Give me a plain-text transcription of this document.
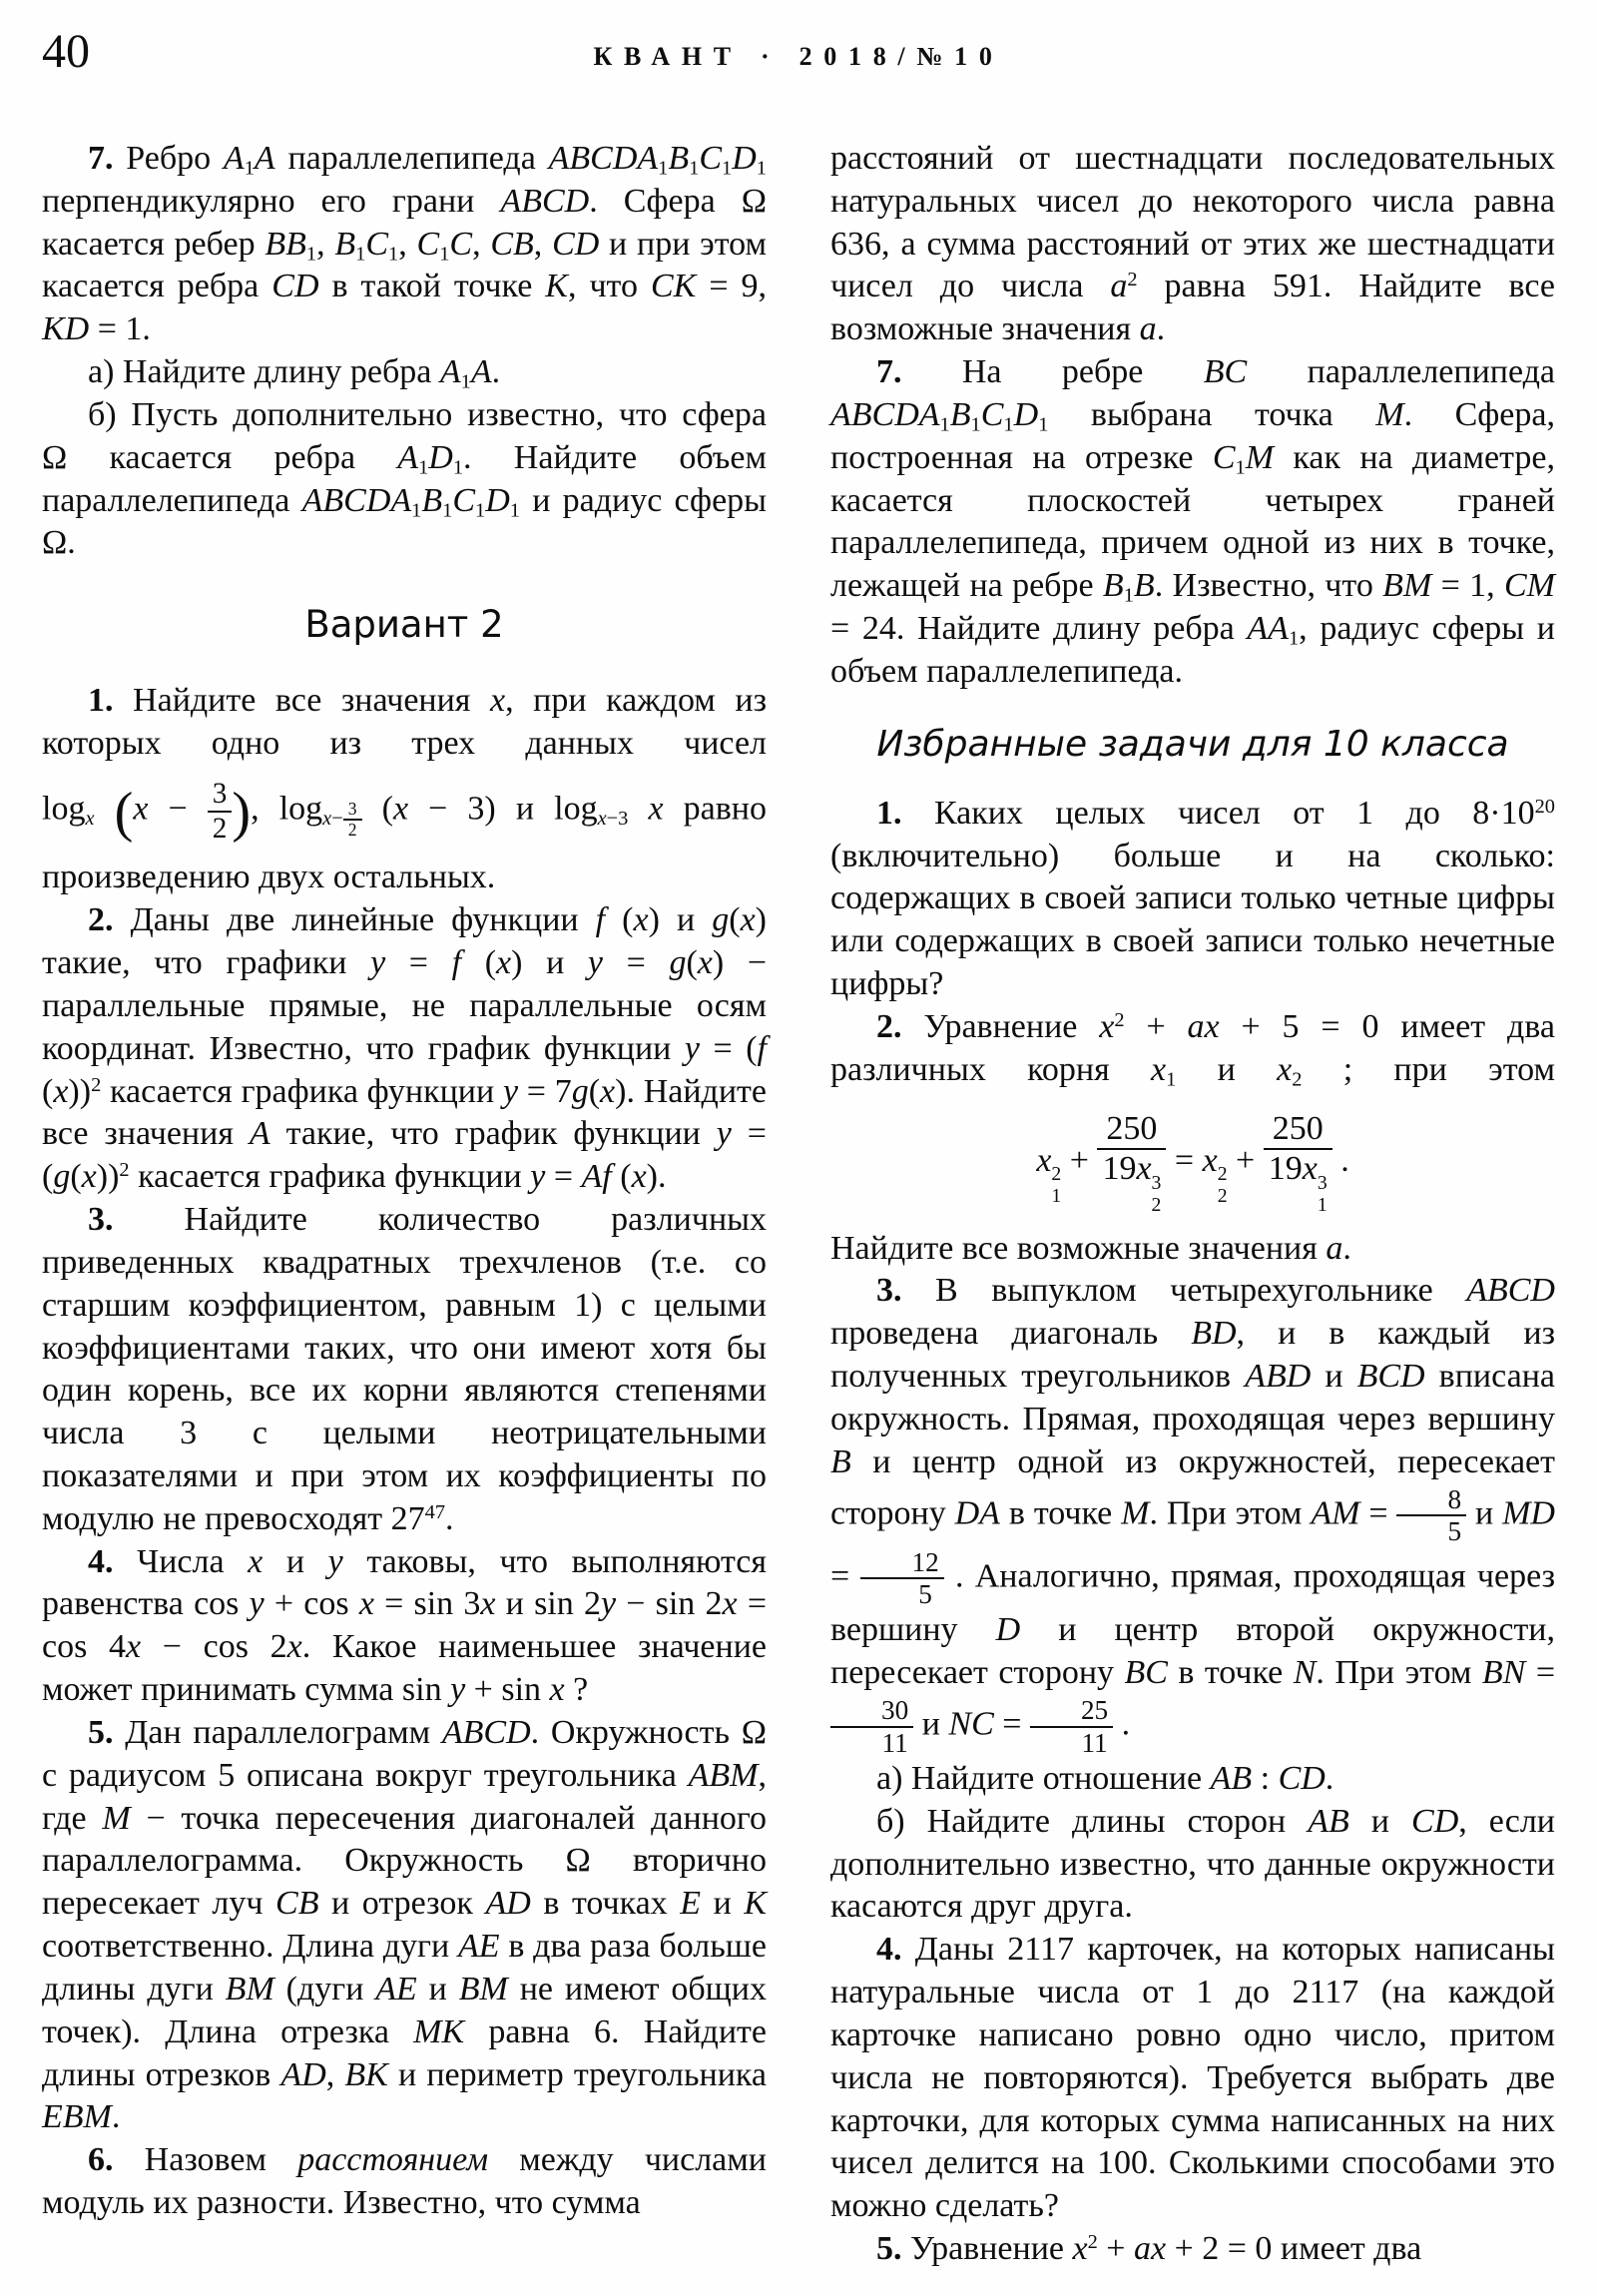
40	КВАНТ · 2018/№10

7. Ребро $A_1A$ параллелепипеда $ABCDA_1B_1C_1D_1$ перпендикулярно его грани ABCD. Сфера Ω касается ребер $BB_1$, $B_1C_1$, $C_1C$, CB, CD и при этом касается ребра CD в такой точке K, что CK = 9, KD = 1.

а) Найдите длину ребра $A_1A$.

б) Пусть дополнительно известно, что сфера Ω касается ребра $A_1D_1$. Найдите объем параллелепипеда $ABCDA_1B_1C_1D_1$ и радиус сферы Ω.

Вариант 2

1. Найдите все значения x, при каждом из которых одно из трех данных чисел

$\log_x (x - \frac{3}{2}$ ), $\log_{x- \frac{3}{2}} (x - 3)$ и $\log_{x-3} x$ равно

произведению двух остальных.

2. Даны две линейные функции f (x) и g(x) такие, что графики y = f (x) и y = g(x) − параллельные прямые, не параллельные осям координат. Известно, что график функции y = (f (x))$^2$ касается графика функции y = 7g(x). Найдите все значения A такие, что график функции $y = (g(x))^2$ касается графика функции y = Af (x).

3. Найдите количество различных приведенных квадратных трехчленов (т.е. со старшим коэффициентом, равным 1) с целыми коэффициентами таких, что они имеют хотя бы один корень, все их корни являются степенями числа 3 с целыми неотрицательными показателями и при этом их коэффициенты по модулю не превосходят $27^{47}$.

4. Числа x и y таковы, что выполняются равенства cos y + cos x = sin 3x и sin 2y − sin 2x = cos 4x − cos 2x. Какое наименьшее значение может принимать сумма sin y + sin x ?

5. Дан параллелограмм ABCD. Окружность Ω с радиусом 5 описана вокруг треугольника ABM, где M − точка пересечения диагоналей данного параллелограмма. Окружность Ω вторично пересекает луч CB и отрезок AD в точках E и K соответственно. Длина дуги AE в два раза больше длины дуги BM (дуги AE и BM не имеют общих точек). Длина отрезка MK равна 6. Найдите длины отрезков AD, BK и периметр треугольника EBM.

6. Назовем расстоянием между числами модуль их разности. Известно, что сумма

расстояний от шестнадцати последовательных натуральных чисел до некоторого числа равна 636, а сумма расстояний от этих же шестнадцати чисел до числа $a^2$ равна 591. Найдите все возможные значения a.

7. На ребре BC параллелепипеда $ABCDA_1B_1C_1D_1$ выбрана точка M. Сфера, построенная на отрезке $C_1M$ как на диаметре, касается плоскостей четырех граней параллелепипеда, причем одной из них в точке, лежащей на ребре $B_1B$. Известно, что BM = 1, CM = 24. Найдите длину ребра $AA_1$, радиус сферы и объем параллелепипеда.

Избранные задачи для 10 класса

1. Каких целых чисел от 1 до $8\cdot 10^{20}$ (включительно) больше и на сколько: содержащих в своей записи только четные цифры или содержащих в своей записи только нечетные цифры?

2. Уравнение $x^2$ + ax + 5 = 0 имеет два различных корня $x_1$ и $x_2$ ; при этом

x 2
1
+ 250
19x 3
2 = x 2
2
+ 250
19x 3
1 .

Найдите все возможные значения a.

3. В выпуклом четырехугольнике ABCD проведена диагональ BD, и в каждый из полученных треугольников ABD и BCD вписана окружность. Прямая, проходящая через вершину B и центр одной из окружностей, пересекает сторону DA в точке M. При этом AM = $\frac{8}{5}$ и MD = $\frac{12}{5}$ . Аналогично, прямая, проходящая через вершину D и центр второй окружности, пересекает сторону BC в точке N. При этом BN =
$\frac{30}{11}$ и NC = $\frac{25}{11}$ .

а) Найдите отношение AB : CD.

б) Найдите длины сторон AB и CD, если дополнительно известно, что данные окружности касаются друг друга.

4. Даны 2117 карточек, на которых написаны натуральные числа от 1 до 2117 (на каждой карточке написано ровно одно число, притом числа не повторяются). Требуется выбрать две карточки, для которых сумма написанных на них чисел делится на 100. Сколькими способами это можно сделать?

5. Уравнение $x^2$ + ax + 2 = 0 имеет два
